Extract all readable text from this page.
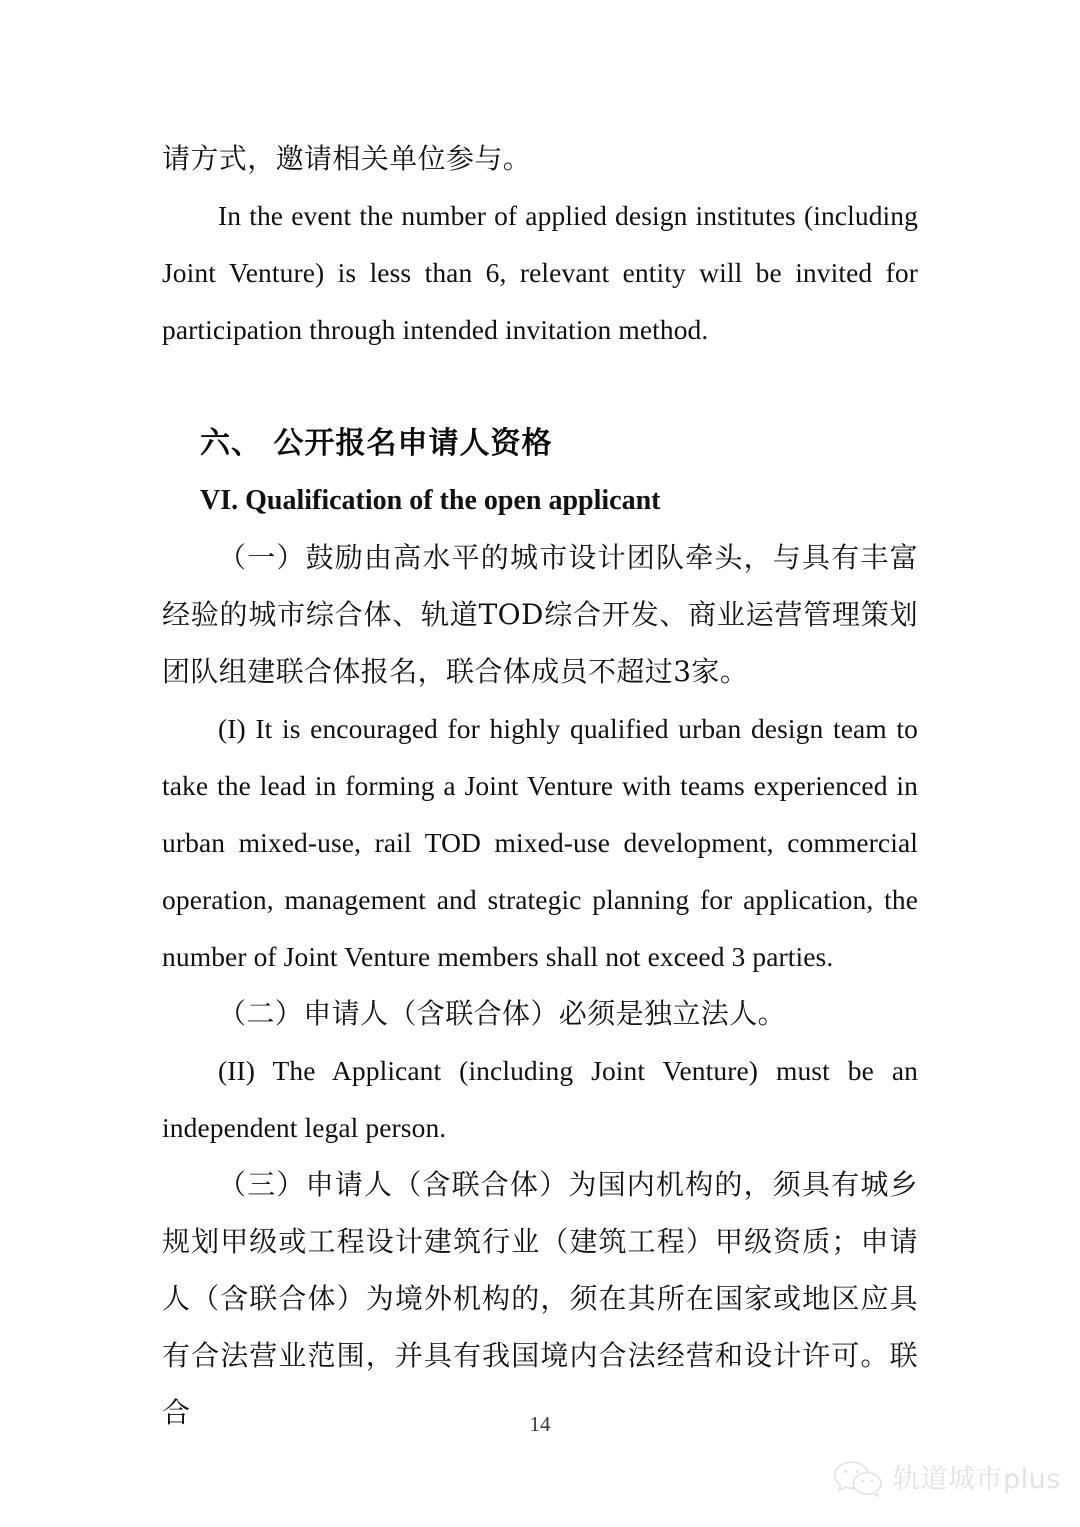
请方式，邀请相关单位参与。

In the event the number of applied design institutes (including Joint Venture) is less than 6, relevant entity will be invited for participation through intended invitation method.

六、 公开报名申请人资格
VI. Qualification of the open applicant

（一）鼓励由高水平的城市设计团队牵头，与具有丰富经验的城市综合体、轨道TOD综合开发、商业运营管理策划团队组建联合体报名，联合体成员不超过3家。

(I) It is encouraged for highly qualified urban design team to take the lead in forming a Joint Venture with teams experienced in urban mixed-use, rail TOD mixed-use development, commercial operation, management and strategic planning for application, the number of Joint Venture members shall not exceed 3 parties.

（二）申请人（含联合体）必须是独立法人。

(II) The Applicant (including Joint Venture) must be an independent legal person.

（三）申请人（含联合体）为国内机构的，须具有城乡规划甲级或工程设计建筑行业（建筑工程）甲级资质；申请人（含联合体）为境外机构的，须在其所在国家或地区应具有合法营业范围，并具有我国境内合法经营和设计许可。联合	14
轨道城市plus
